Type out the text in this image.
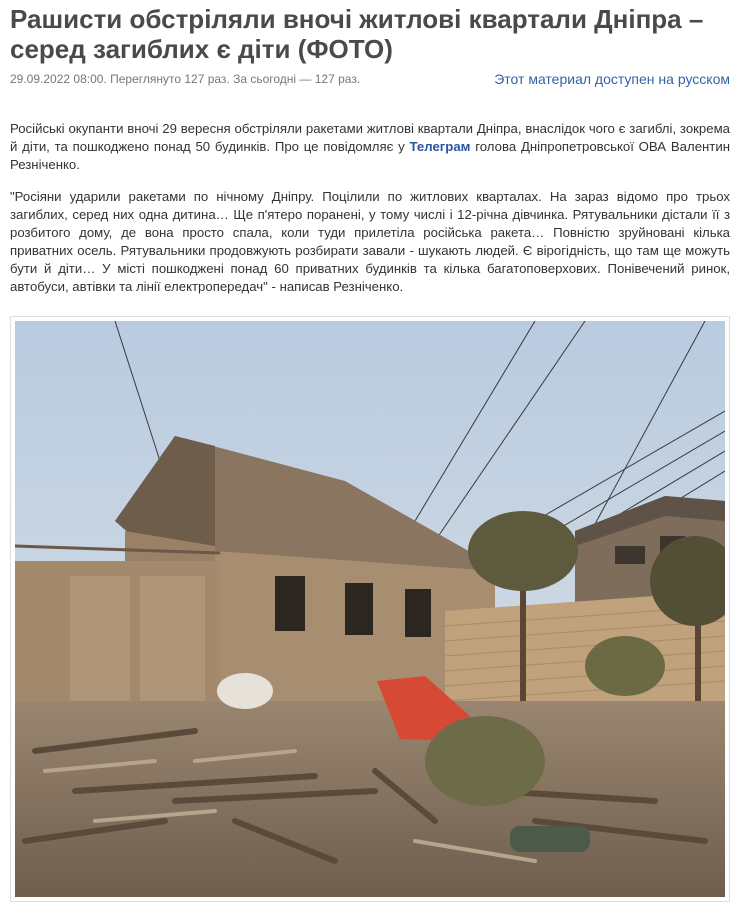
Рашисти обстріляли вночі житлові квартали Дніпра – серед загиблих є діти (ФОТО)
29.09.2022 08:00. Переглянуто 127 раз. За сьогодні — 127 раз.	Этот материал доступен на русском

Російські окупанти вночі 29 вересня обстріляли ракетами житлові квартали Дніпра, внаслідок чого є загиблі, зокрема й діти, та пошкоджено понад 50 будинків. Про це повідомляє у Телеграм голова Дніпропетровської ОВА Валентин Резніченко.

"Росіяни ударили ракетами по нічному Дніпру. Поцілили по житлових кварталах. На зараз відомо про трьох загиблих, серед них одна дитина… Ще п'ятеро поранені, у тому числі і 12-річна дівчинка. Рятувальники дістали її з розбитого дому, де вона просто спала, коли туди прилетіла російська ракета… Повністю зруйновані кілька приватних осель. Рятувальники продовжують розбирати завали - шукають людей. Є вірогідність, що там ще можуть бути й діти… У місті пошкоджені понад 60 приватних будинків та кілька багатоповерхових. Понівечений ринок, автобуси, автівки та лінії електропередач" - написав Резніченко.
